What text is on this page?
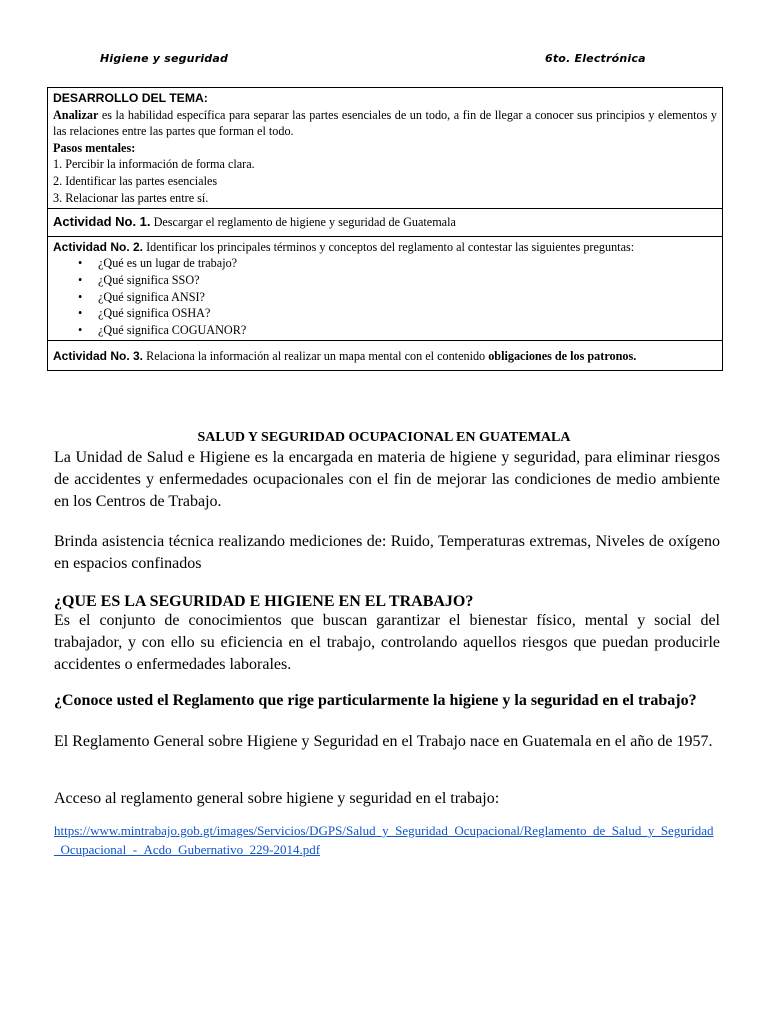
Higiene y seguridad	6to. Electrónica
DESARROLLO DEL TEMA:
Analizar es la habilidad específica para separar las partes esenciales de un todo, a fin de llegar a conocer sus principios y elementos y las relaciones entre las partes que forman el todo.
Pasos mentales:
1. Percibir la información de forma clara.
2. Identificar las partes esenciales
3. Relacionar las partes entre sí.

Actividad No. 1. Descargar el reglamento de higiene y seguridad de Guatemala

Actividad No. 2. Identificar los principales términos y conceptos del reglamento al contestar las siguientes preguntas:
• ¿Qué es un lugar de trabajo?
• ¿Qué significa SSO?
• ¿Qué significa ANSI?
• ¿Qué significa OSHA?
• ¿Qué significa COGUANOR?

Actividad No. 3. Relaciona la información al realizar un mapa mental con el contenido obligaciones de los patronos.
SALUD Y SEGURIDAD OCUPACIONAL EN GUATEMALA

La Unidad de Salud e Higiene es la encargada en materia de higiene y seguridad, para eliminar riesgos de accidentes y enfermedades ocupacionales con el fin de mejorar las condiciones de medio ambiente en los Centros de Trabajo.

Brinda asistencia técnica realizando mediciones de: Ruido, Temperaturas extremas, Niveles de oxígeno en espacios confinados

¿QUE ES LA SEGURIDAD E HIGIENE EN EL TRABAJO?

Es el conjunto de conocimientos que buscan garantizar el bienestar físico, mental y social del trabajador, y con ello su eficiencia en el trabajo, controlando aquellos riesgos que puedan producirle accidentes o enfermedades laborales.

¿Conoce usted el Reglamento que rige particularmente la higiene y la seguridad en el trabajo?

El Reglamento General sobre Higiene y Seguridad en el Trabajo nace en Guatemala en el año de 1957.

Acceso al reglamento general sobre higiene y seguridad en el trabajo:

https://www.mintrabajo.gob.gt/images/Servicios/DGPS/Salud_y_Seguridad_Ocupacional/Reglamento_de_Salud_y_Seguridad_Ocupacional_-_Acdo_Gubernativo_229-2014.pdf
